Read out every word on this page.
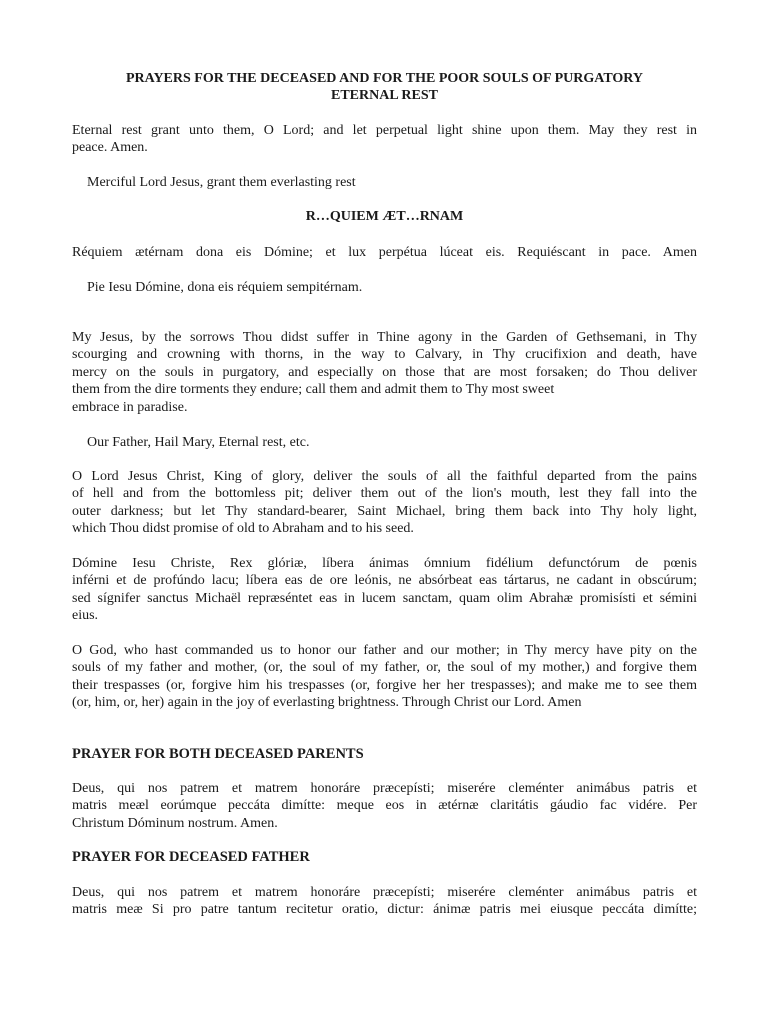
PRAYERS FOR THE DECEASED AND FOR THE POOR SOULS OF PURGATORY
ETERNAL REST
Eternal rest grant unto them, O Lord; and let perpetual light shine upon them. May they rest in
peace. Amen.
Merciful Lord Jesus, grant them everlasting rest
R…QUIEM ÆT…RNAM
Réquiem ætérnam dona eis Dómine; et lux perpétua lúceat eis. Requiéscant in pace. Amen
Pie Iesu Dómine, dona eis réquiem sempitérnam.
My Jesus, by the sorrows Thou didst suffer in Thine agony in the Garden of Gethsemani, in Thy
scourging and crowning with thorns, in the way to Calvary, in Thy crucifixion and death, have
mercy on the souls in purgatory, and especially on those that are most forsaken; do Thou deliver
them from the dire torments they endure; call them and admit them to Thy most sweet
embrace in paradise.
Our Father, Hail Mary, Eternal rest, etc.
O Lord Jesus Christ, King of glory, deliver the souls of all the faithful departed from the pains
of hell and from the bottomless pit; deliver them out of the lion's mouth, lest they fall into the
outer darkness; but let Thy standard-bearer, Saint Michael, bring them back into Thy holy light,
which Thou didst promise of old to Abraham and to his seed.
Dómine Iesu Christe, Rex glóriæ, líbera ánimas ómnium fidélium defunctórum de pœnis
inférni et de profúndo lacu; líbera eas de ore leónis, ne absórbeat eas tártarus, ne cadant in obscúrum;
sed sígnifer sanctus Michaël repræséntet eas in lucem sanctam, quam olim Abrahæ promisísti et sémini
eius.
O God, who hast commanded us to honor our father and our mother; in Thy mercy have pity on the
souls of my father and mother, (or, the soul of my father, or, the soul of my mother,) and forgive them
their trespasses (or, forgive him his trespasses (or, forgive her her trespasses); and make me to see them
(or, him, or, her) again in the joy of everlasting brightness. Through Christ our Lord. Amen
PRAYER FOR BOTH DECEASED PARENTS
Deus, qui nos patrem et matrem honoráre præcepísti; miserére cleménter animábus patris et
matris meæl eorúmque peccáta dimítte: meque eos in ætérnæ claritátis gáudio fac vidére. Per
Christum Dóminum nostrum. Amen.
PRAYER FOR DECEASED FATHER
Deus, qui nos patrem et matrem honoráre præcepísti; miserére cleménter animábus patris et
matris meæ Si pro patre tantum recitetur oratio, dictur: ánimæ patris mei eiusque peccáta dimítte;
